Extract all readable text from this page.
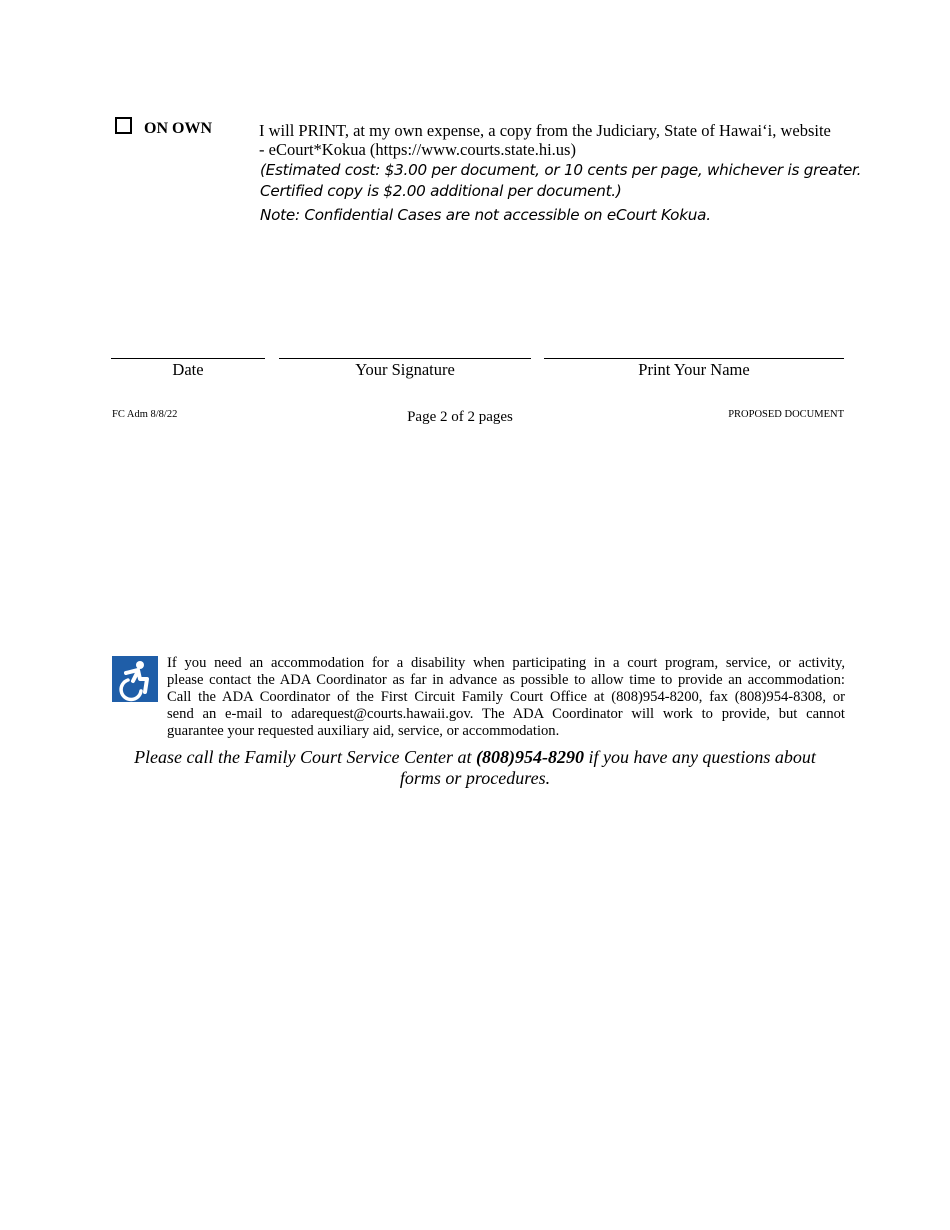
ON OWN	I will PRINT, at my own expense, a copy from the Judiciary, State of Hawai‘i, website
- eCourt*Kokua (https://www.courts.state.hi.us)
(Estimated cost: $3.00 per document, or 10 cents per page, whichever is greater.
Certified copy is $2.00 additional per document.)
Note: Confidential Cases are not accessible on eCourt Kokua.
Date	Your Signature	Print Your Name
FC Adm 8/8/22	Page 2 of 2 pages	PROPOSED DOCUMENT
If you need an accommodation for a disability when participating in a court program, service, or activity,
please contact the ADA Coordinator as far in advance as possible to allow time to provide an accommodation:
Call the ADA Coordinator of the First Circuit Family Court Office at (808)954-8200, fax (808)954-8308, or
send an e-mail to adarequest@courts.hawaii.gov. The ADA Coordinator will work to provide, but cannot
guarantee your requested auxiliary aid, service, or accommodation.
Please call the Family Court Service Center at (808)954-8290 if you have any questions about
forms or procedures.
